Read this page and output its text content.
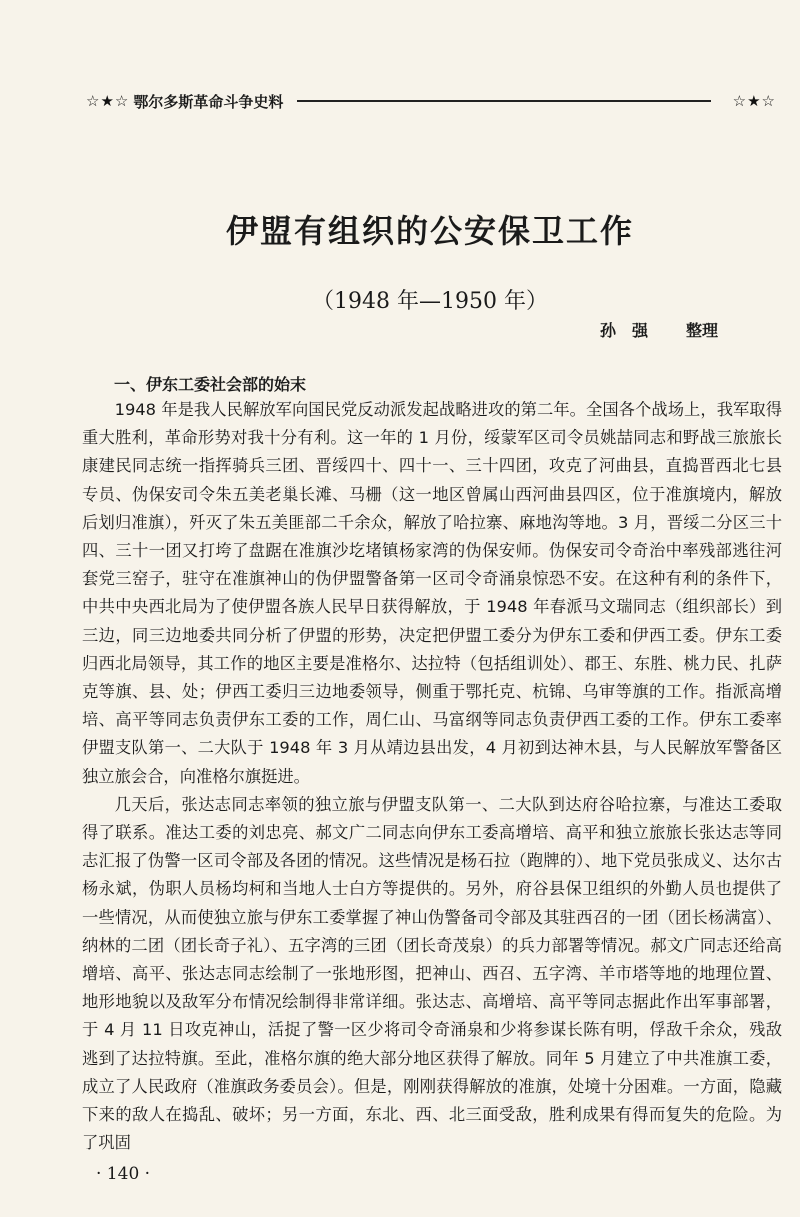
☆★☆ 鄂尔多斯革命斗争史料	☆★☆
伊盟有组织的公安保卫工作
（1948 年—1950 年）
孙　强 整理
一、伊东工委社会部的始末

1948 年是我人民解放军向国民党反动派发起战略进攻的第二年。全国各个战场上，我军取得重大胜利，革命形势对我十分有利。这一年的 1 月份，绥蒙军区司令员姚喆同志和野战三旅旅长康建民同志统一指挥骑兵三团、晋绥四十、四十一、三十四团，攻克了河曲县，直捣晋西北七县专员、伪保安司令朱五美老巢长滩、马栅（这一地区曾属山西河曲县四区，位于准旗境内，解放后划归准旗），歼灭了朱五美匪部二千余众，解放了哈拉寨、麻地沟等地。3 月，晋绥二分区三十四、三十一团又打垮了盘踞在准旗沙圪堵镇杨家湾的伪保安师。伪保安司令奇治中率残部逃往河套党三窑子，驻守在准旗神山的伪伊盟警备第一区司令奇涌泉惊恐不安。在这种有利的条件下，中共中央西北局为了使伊盟各族人民早日获得解放，于 1948 年春派马文瑞同志（组织部长）到三边，同三边地委共同分析了伊盟的形势，决定把伊盟工委分为伊东工委和伊西工委。伊东工委归西北局领导，其工作的地区主要是准格尔、达拉特（包括组训处）、郡王、东胜、桃力民、扎萨克等旗、县、处；伊西工委归三边地委领导，侧重于鄂托克、杭锦、乌审等旗的工作。指派高增培、高平等同志负责伊东工委的工作，周仁山、马富纲等同志负责伊西工委的工作。伊东工委率伊盟支队第一、二大队于 1948 年 3 月从靖边县出发，4 月初到达神木县，与人民解放军警备区独立旅会合，向准格尔旗挺进。

几天后，张达志同志率领的独立旅与伊盟支队第一、二大队到达府谷哈拉寨，与准达工委取得了联系。准达工委的刘忠亮、郝文广二同志向伊东工委高增培、高平和独立旅旅长张达志等同志汇报了伪警一区司令部及各团的情况。这些情况是杨石拉（跑牌的）、地下党员张成义、达尔古杨永斌，伪职人员杨均柯和当地人士白方等提供的。另外，府谷县保卫组织的外勤人员也提供了一些情况，从而使独立旅与伊东工委掌握了神山伪警备司令部及其驻西召的一团（团长杨满富）、纳林的二团（团长奇子礼）、五字湾的三团（团长奇茂泉）的兵力部署等情况。郝文广同志还给高增培、高平、张达志同志绘制了一张地形图，把神山、西召、五字湾、羊市塔等地的地理位置、地形地貌以及敌军分布情况绘制得非常详细。张达志、高增培、高平等同志据此作出军事部署，于 4 月 11 日攻克神山，活捉了警一区少将司令奇涌泉和少将参谋长陈有明，俘敌千余众，残敌逃到了达拉特旗。至此，准格尔旗的绝大部分地区获得了解放。同年 5 月建立了中共准旗工委，成立了人民政府（准旗政务委员会）。但是，刚刚获得解放的准旗，处境十分困难。一方面，隐藏下来的敌人在捣乱、破坏；另一方面，东北、西、北三面受敌，胜利成果有得而复失的危险。为了巩固

· 140 ·
